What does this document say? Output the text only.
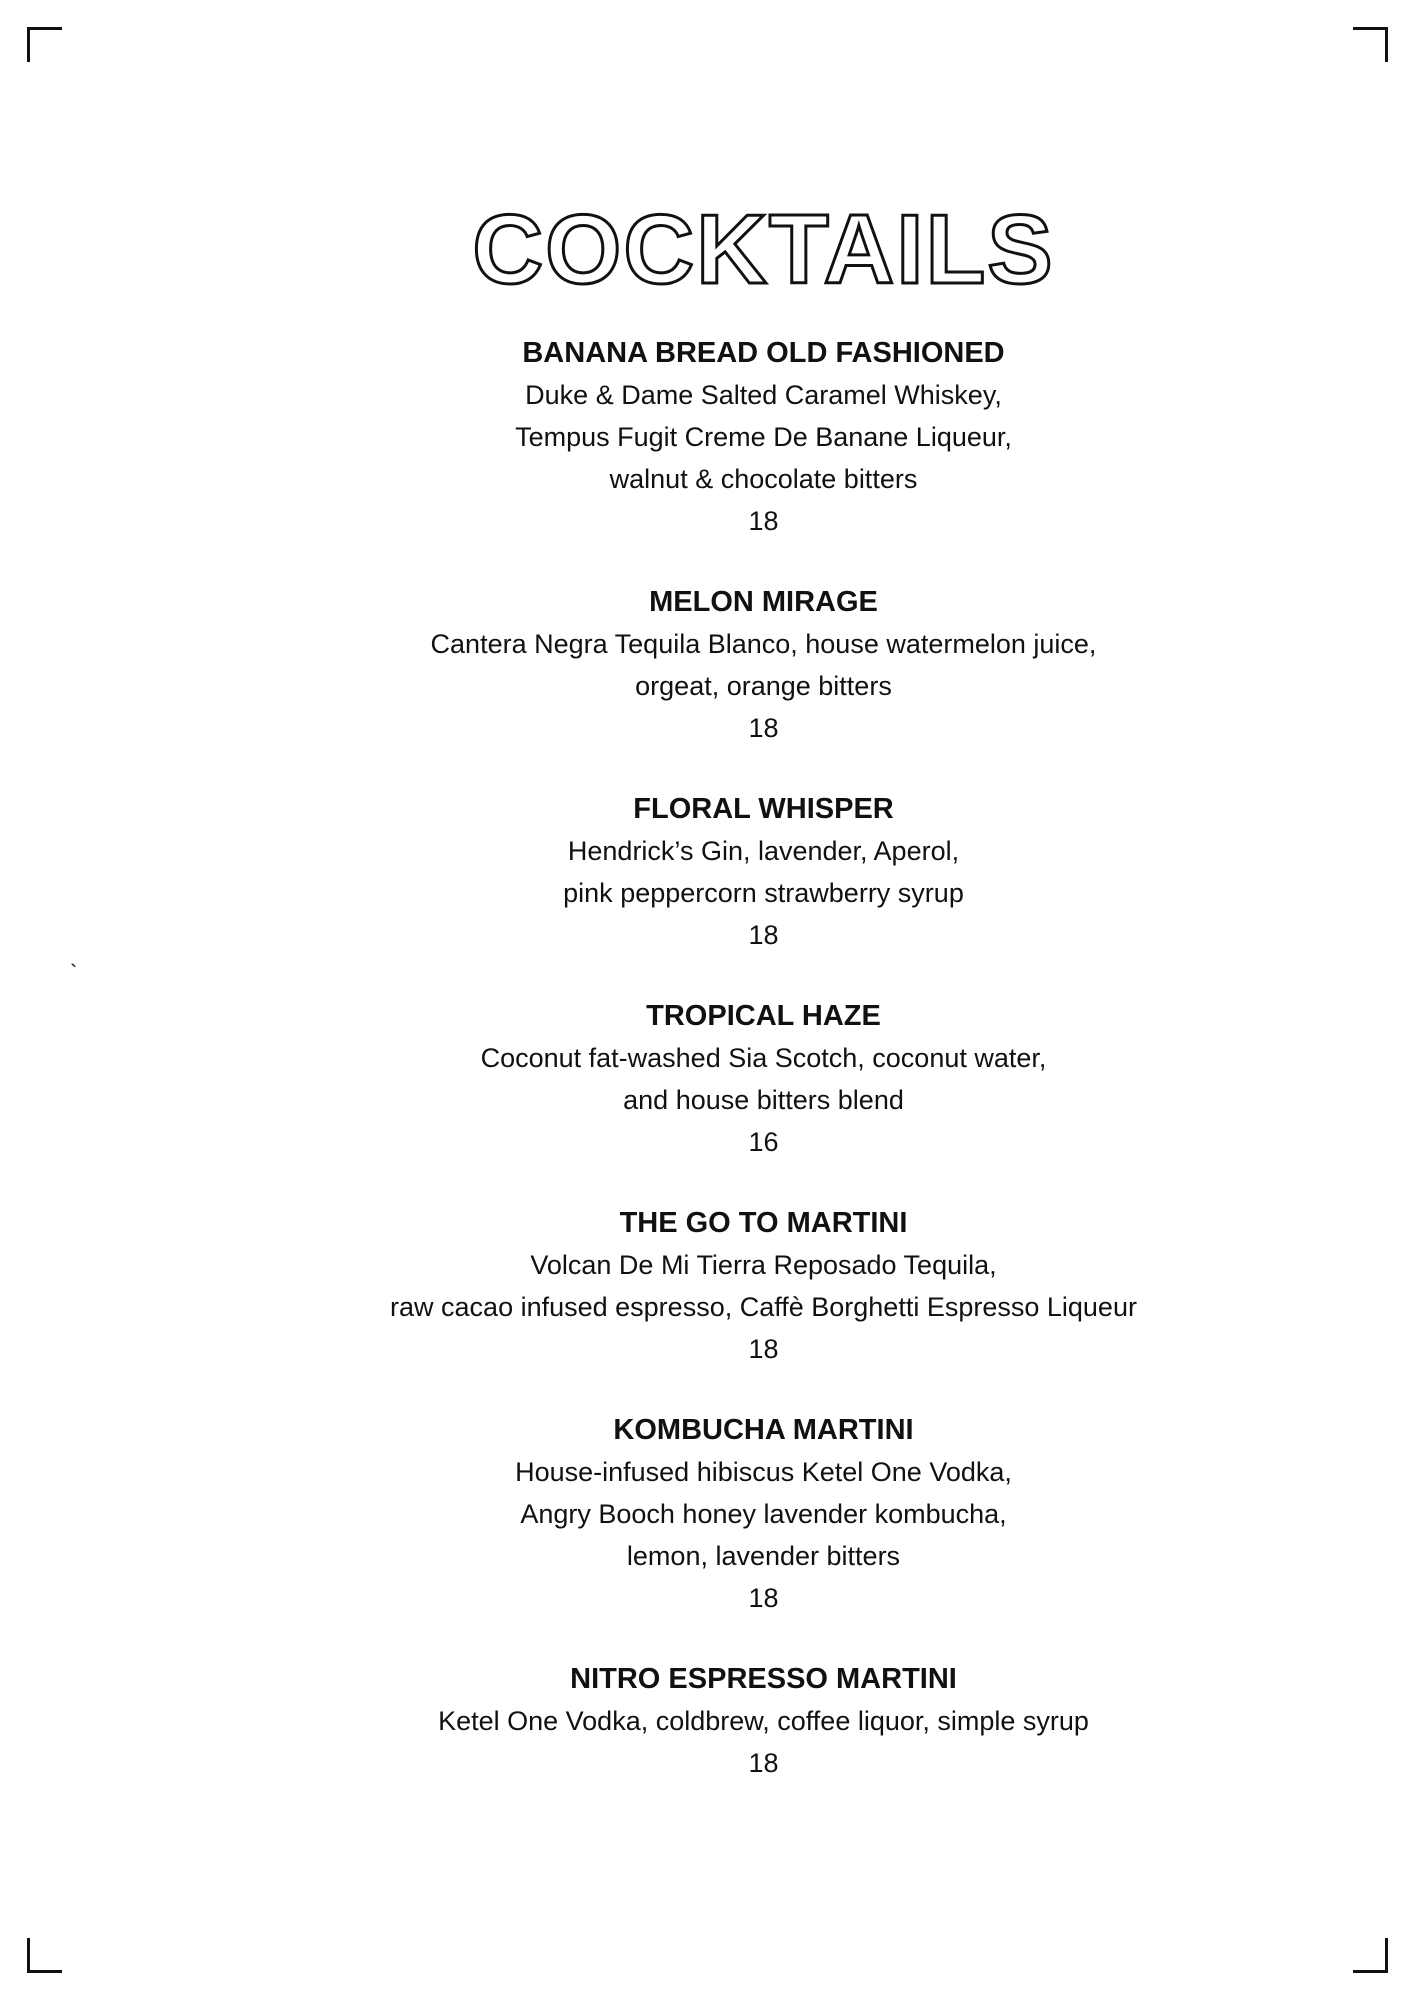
`
COCKTAILS

BANANA BREAD OLD FASHIONED

Duke & Dame Salted Caramel Whiskey,

Tempus Fugit Creme De Banane Liqueur,

walnut & chocolate bitters

18

MELON MIRAGE

Cantera Negra Tequila Blanco, house watermelon juice,

orgeat, orange bitters

18

FLORAL WHISPER

Hendrick’s Gin, lavender, Aperol,

pink peppercorn strawberry syrup

18

TROPICAL HAZE

Coconut fat-washed Sia Scotch, coconut water,

and house bitters blend

16

THE GO TO MARTINI

Volcan De Mi Tierra Reposado Tequila,

raw cacao infused espresso, Caffè Borghetti Espresso Liqueur

18

KOMBUCHA MARTINI

House-infused hibiscus Ketel One Vodka,

Angry Booch honey lavender kombucha,

lemon, lavender bitters

18

NITRO ESPRESSO MARTINI

Ketel One Vodka, coldbrew, coffee liquor, simple syrup

18
